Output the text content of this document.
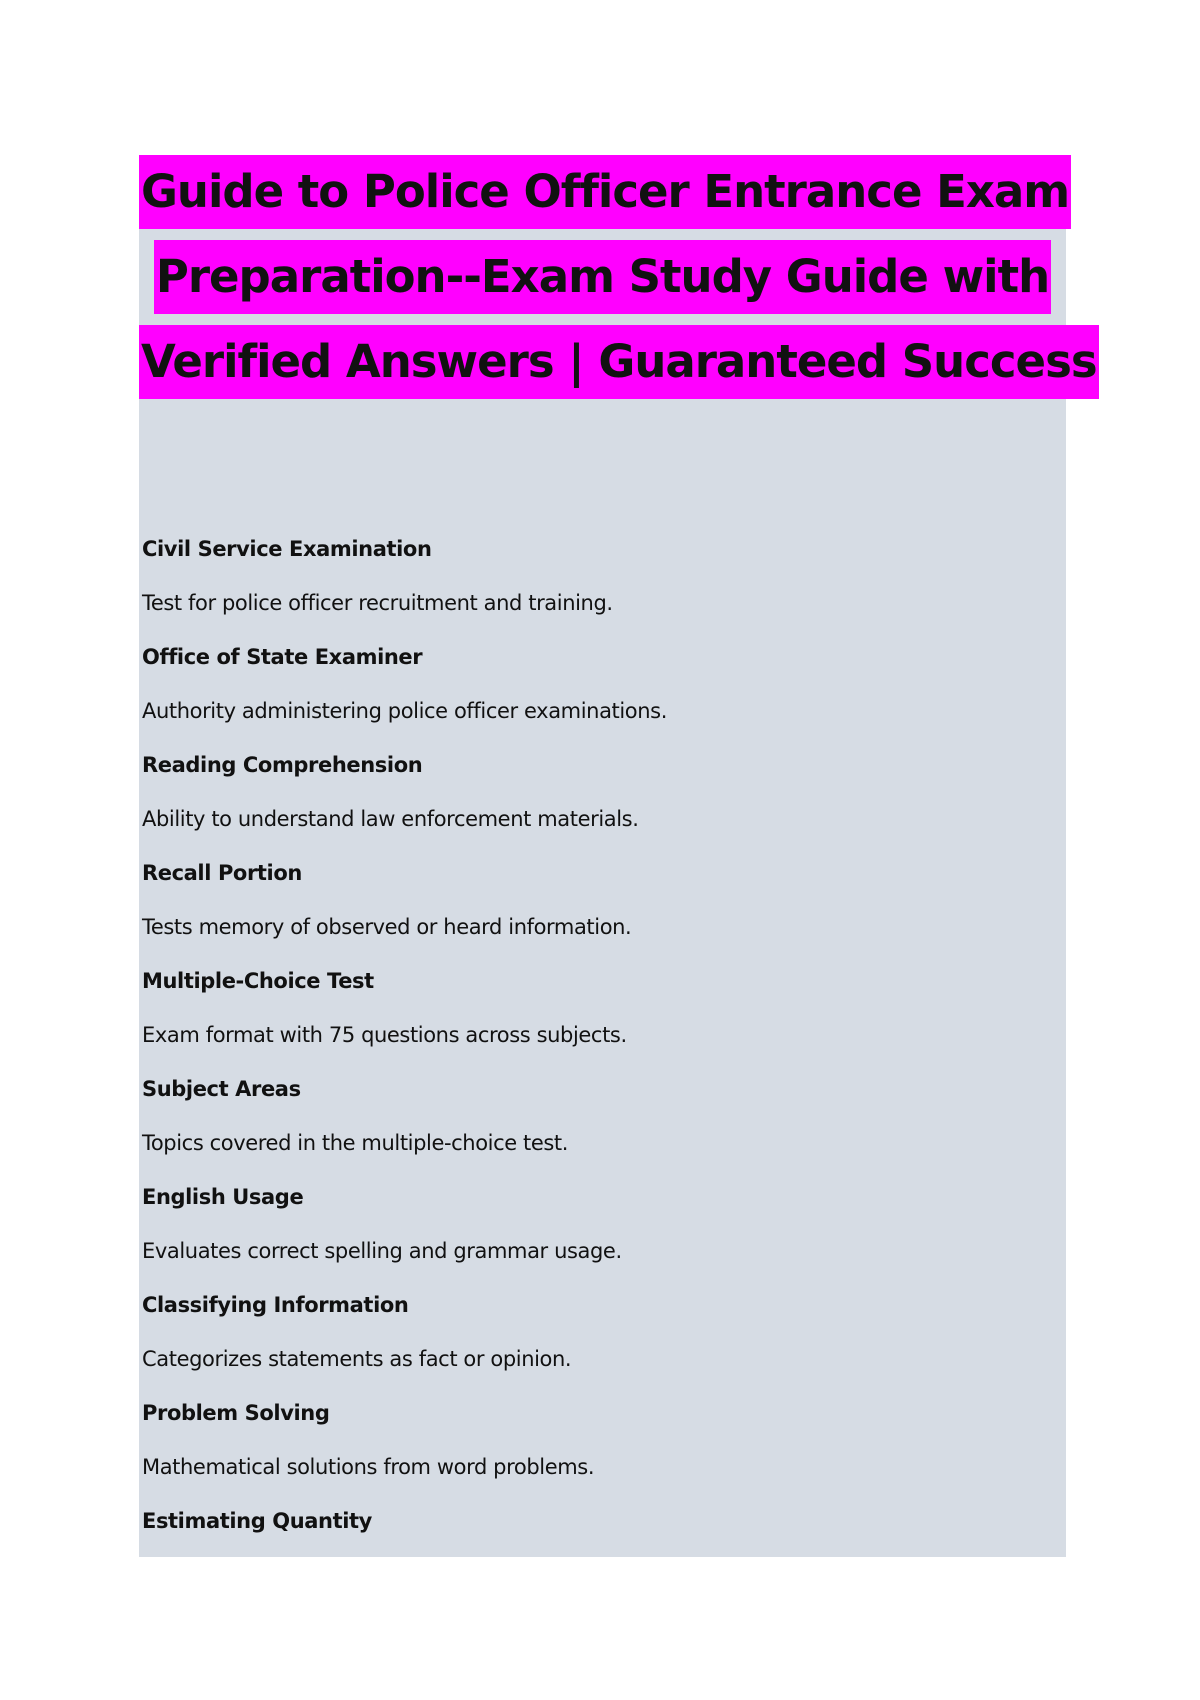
Guide to Police Officer Entrance Exam
Preparation--Exam Study Guide with
Verified Answers | Guaranteed Success
Civil Service Examination
Test for police officer recruitment and training.
Office of State Examiner
Authority administering police officer examinations.
Reading Comprehension
Ability to understand law enforcement materials.
Recall Portion
Tests memory of observed or heard information.
Multiple-Choice Test
Exam format with 75 questions across subjects.
Subject Areas
Topics covered in the multiple-choice test.
English Usage
Evaluates correct spelling and grammar usage.
Classifying Information
Categorizes statements as fact or opinion.
Problem Solving
Mathematical solutions from word problems.
Estimating Quantity
